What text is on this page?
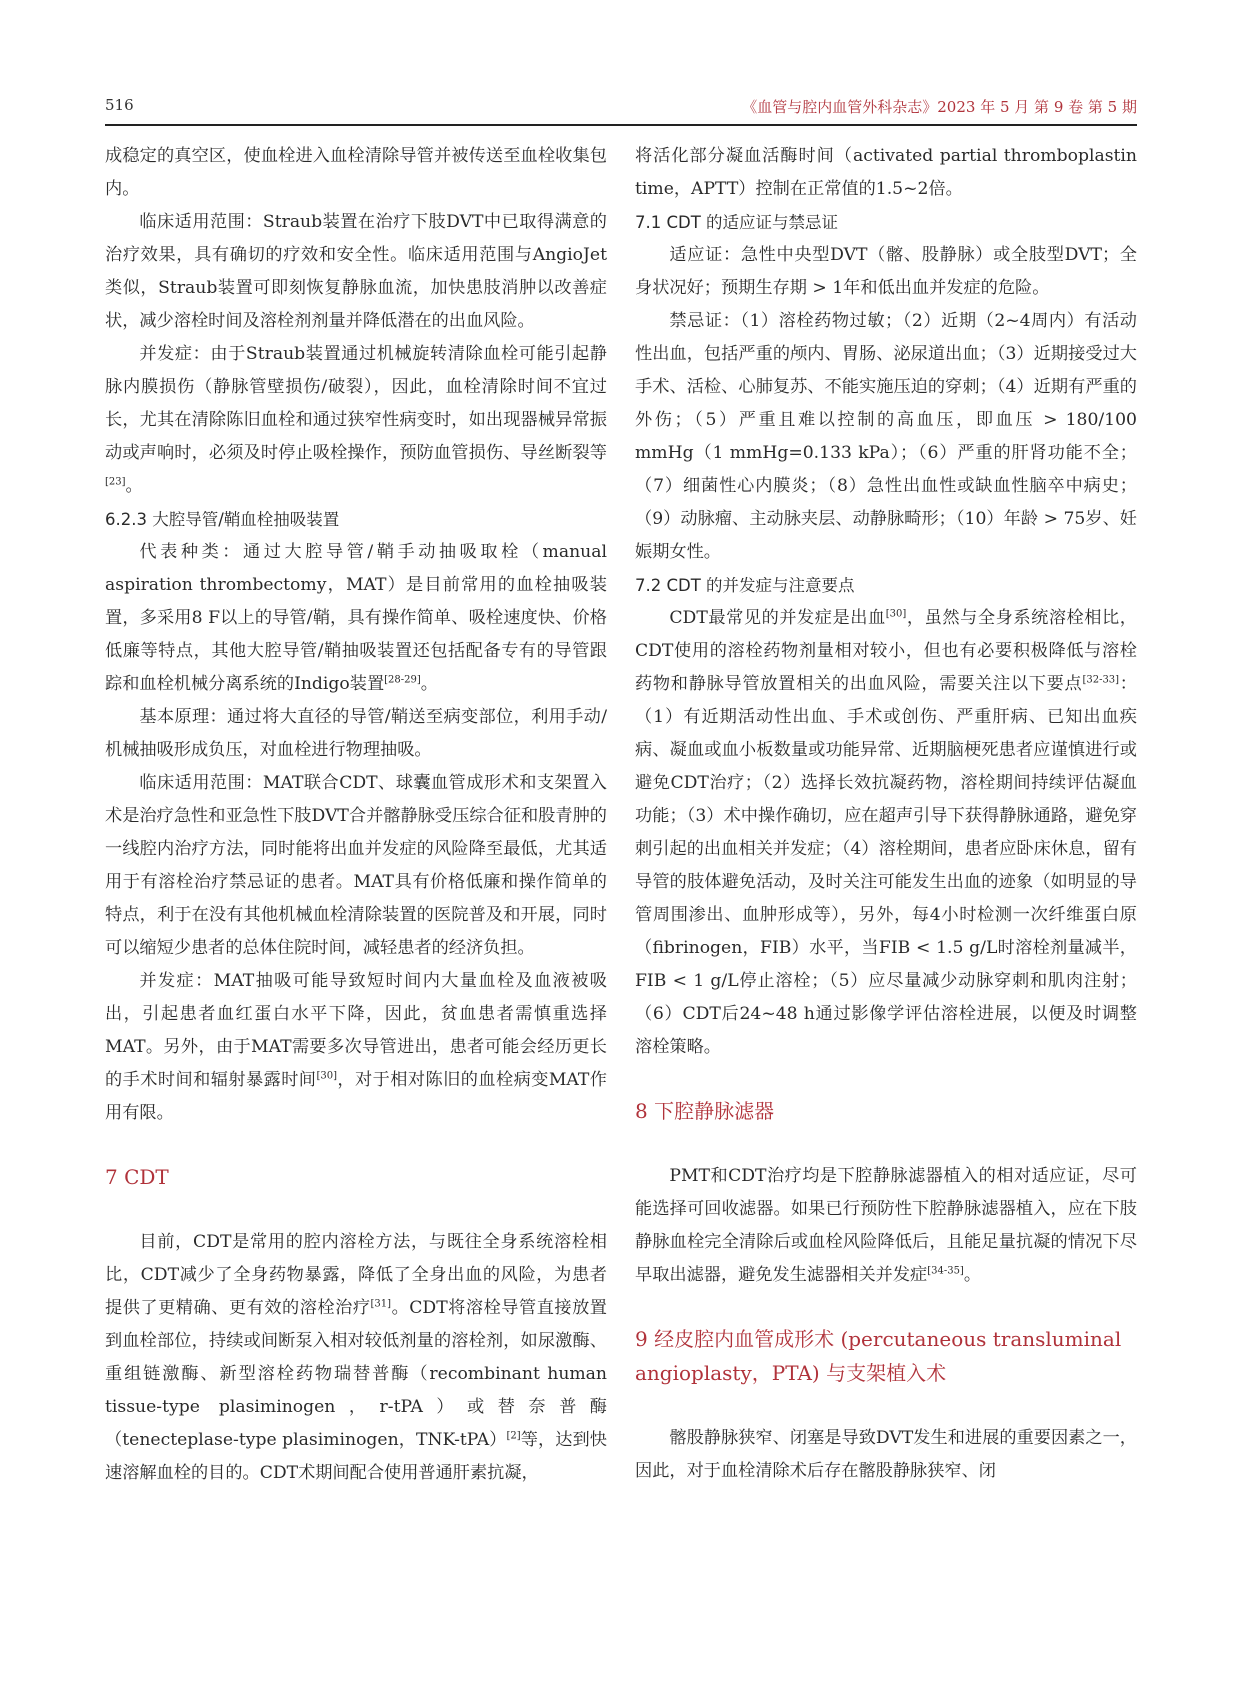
516	《血管与腔内血管外科杂志》2023 年 5 月 第 9 卷 第 5 期

成稳定的真空区，使血栓进入血栓清除导管并被传送至血栓收集包内。

临床适用范围：Straub装置在治疗下肢DVT中已取得满意的治疗效果，具有确切的疗效和安全性。临床适用范围与AngioJet类似，Straub装置可即刻恢复静脉血流，加快患肢消肿以改善症状，减少溶栓时间及溶栓剂剂量并降低潜在的出血风险。

并发症：由于Straub装置通过机械旋转清除血栓可能引起静脉内膜损伤（静脉管壁损伤/破裂），因此，血栓清除时间不宜过长，尤其在清除陈旧血栓和通过狭窄性病变时，如出现器械异常振动或声响时，必须及时停止吸栓操作，预防血管损伤、导丝断裂等[23]。

6.2.3 大腔导管/鞘血栓抽吸装置

代表种类：通过大腔导管/鞘手动抽吸取栓（manual aspiration thrombectomy，MAT）是目前常用的血栓抽吸装置，多采用8 F以上的导管/鞘，具有操作简单、吸栓速度快、价格低廉等特点，其他大腔导管/鞘抽吸装置还包括配备专有的导管跟踪和血栓机械分离系统的Indigo装置[28-29]。

基本原理：通过将大直径的导管/鞘送至病变部位，利用手动/机械抽吸形成负压，对血栓进行物理抽吸。

临床适用范围：MAT联合CDT、球囊血管成形术和支架置入术是治疗急性和亚急性下肢DVT合并髂静脉受压综合征和股青肿的一线腔内治疗方法，同时能将出血并发症的风险降至最低，尤其适用于有溶栓治疗禁忌证的患者。MAT具有价格低廉和操作简单的特点，利于在没有其他机械血栓清除装置的医院普及和开展，同时可以缩短少患者的总体住院时间，减轻患者的经济负担。

并发症：MAT抽吸可能导致短时间内大量血栓及血液被吸出，引起患者血红蛋白水平下降，因此，贫血患者需慎重选择MAT。另外，由于MAT需要多次导管进出，患者可能会经历更长的手术时间和辐射暴露时间[30]，对于相对陈旧的血栓病变MAT作用有限。

7 CDT

目前，CDT是常用的腔内溶栓方法，与既往全身系统溶栓相比，CDT减少了全身药物暴露，降低了全身出血的风险，为患者提供了更精确、更有效的溶栓治疗[31]。CDT将溶栓导管直接放置到血栓部位，持续或间断泵入相对较低剂量的溶栓剂，如尿激酶、重组链激酶、新型溶栓药物瑞替普酶（recombinant human tissue-type plasiminogen，r-tPA）或替奈普酶（tenecteplase-type plasiminogen，TNK-tPA）[2]等，达到快速溶解血栓的目的。CDT术期间配合使用普通肝素抗凝，

将活化部分凝血活酶时间（activated partial thromboplastin time，APTT）控制在正常值的1.5~2倍。

7.1 CDT 的适应证与禁忌证

适应证：急性中央型DVT（髂、股静脉）或全肢型DVT；全身状况好；预期生存期 > 1年和低出血并发症的危险。

禁忌证：（1）溶栓药物过敏；（2）近期（2~4周内）有活动性出血，包括严重的颅内、胃肠、泌尿道出血；（3）近期接受过大手术、活检、心肺复苏、不能实施压迫的穿刺；（4）近期有严重的外伤；（5）严重且难以控制的高血压，即血压 > 180/100 mmHg（1 mmHg=0.133 kPa）；（6）严重的肝肾功能不全；（7）细菌性心内膜炎；（8）急性出血性或缺血性脑卒中病史；（9）动脉瘤、主动脉夹层、动静脉畸形；（10）年龄 > 75岁、妊娠期女性。

7.2 CDT 的并发症与注意要点

CDT最常见的并发症是出血[30]，虽然与全身系统溶栓相比，CDT使用的溶栓药物剂量相对较小，但也有必要积极降低与溶栓药物和静脉导管放置相关的出血风险，需要关注以下要点[32-33]：（1）有近期活动性出血、手术或创伤、严重肝病、已知出血疾病、凝血或血小板数量或功能异常、近期脑梗死患者应谨慎进行或避免CDT治疗；（2）选择长效抗凝药物，溶栓期间持续评估凝血功能；（3）术中操作确切，应在超声引导下获得静脉通路，避免穿刺引起的出血相关并发症；（4）溶栓期间，患者应卧床休息，留有导管的肢体避免活动，及时关注可能发生出血的迹象（如明显的导管周围渗出、血肿形成等），另外，每4小时检测一次纤维蛋白原（fibrinogen，FIB）水平，当FIB < 1.5 g/L时溶栓剂量减半，FIB < 1 g/L停止溶栓；（5）应尽量减少动脉穿刺和肌肉注射；（6）CDT后24~48 h通过影像学评估溶栓进展，以便及时调整溶栓策略。

8 下腔静脉滤器

PMT和CDT治疗均是下腔静脉滤器植入的相对适应证，尽可能选择可回收滤器。如果已行预防性下腔静脉滤器植入，应在下肢静脉血栓完全清除后或血栓风险降低后，且能足量抗凝的情况下尽早取出滤器，避免发生滤器相关并发症[34-35]。

9 经皮腔内血管成形术 (percutaneous transluminal angioplasty，PTA) 与支架植入术

髂股静脉狭窄、闭塞是导致DVT发生和进展的重要因素之一，因此，对于血栓清除术后存在髂股静脉狭窄、闭
